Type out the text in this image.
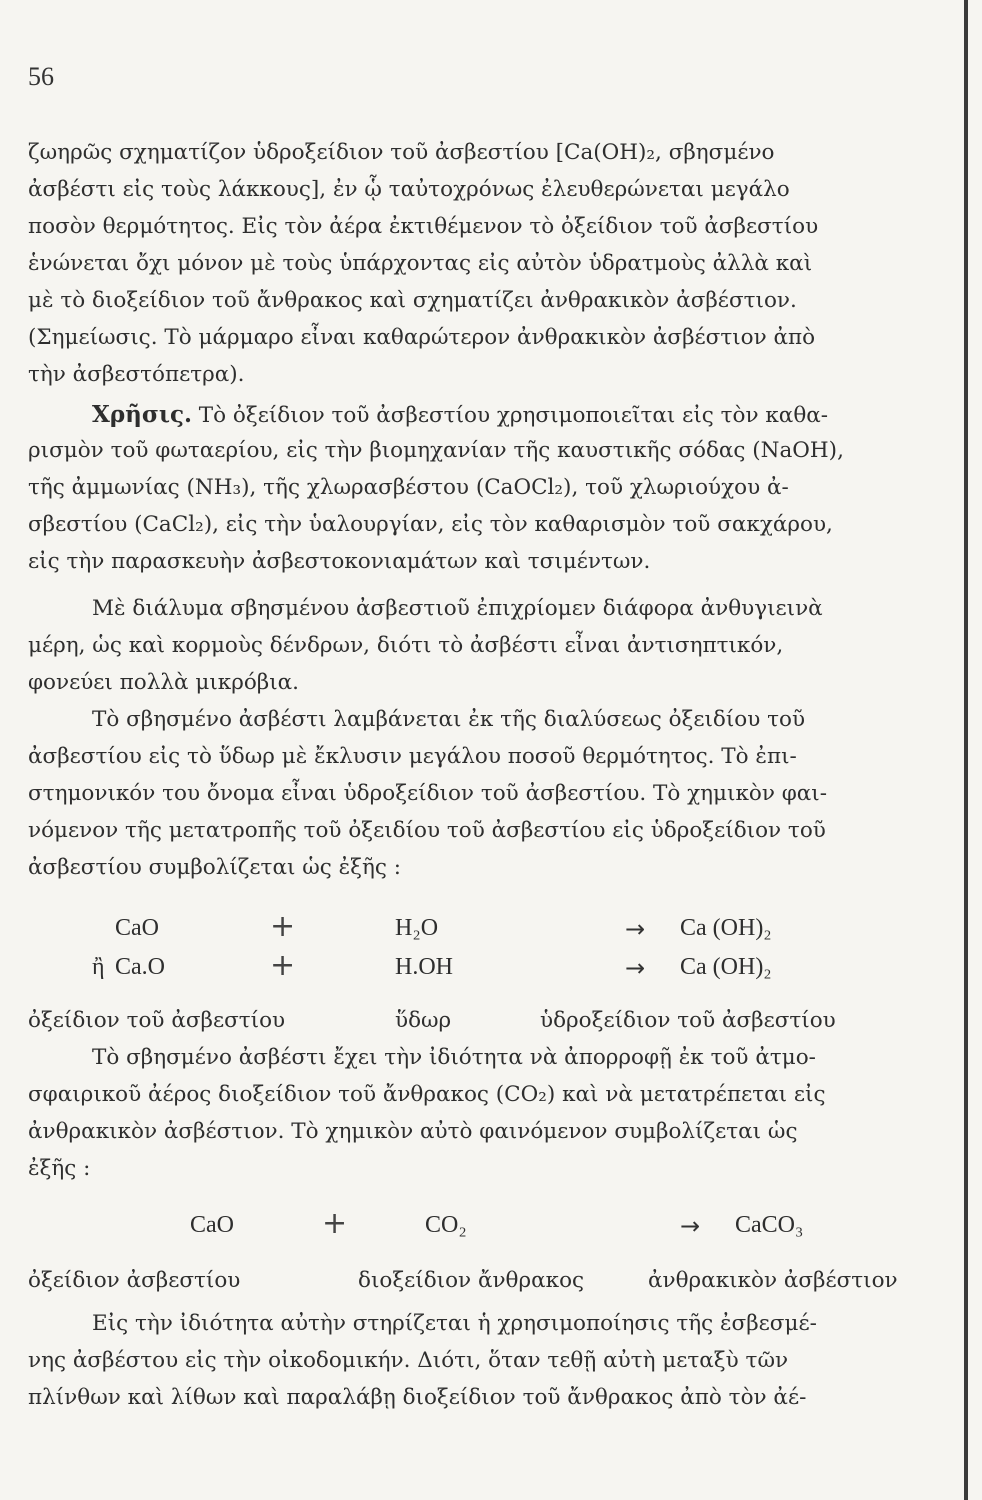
56
ζωηρῶς σχηματίζον ὑδροξείδιον τοῦ ἀσβεστίου [Ca(OH)₂, σβησμένο
ἀσβέστι εἰς τοὺς λάκκους], ἐν ᾧ ταὐτοχρόνως ἐλευθερώνεται μεγάλο
ποσὸν θερμότητος. Εἰς τὸν ἀέρα ἐκτιθέμενον τὸ ὀξείδιον τοῦ ἀσβεστίου
ἑνώνεται ὄχι μόνον μὲ τοὺς ὑπάρχοντας εἰς αὐτὸν ὑδρατμοὺς ἀλλὰ καὶ
μὲ τὸ διοξείδιον τοῦ ἄνθρακος καὶ σχηματίζει ἀνθρακικὸν ἀσβέστιον.
(Σημείωσις. Τὸ μάρμαρο εἶναι καθαρώτερον ἀνθρακικὸν ἀσβέστιον ἀπὸ
τὴν ἀσβεστόπετρα).
Χρῆσις. Τὸ ὀξείδιον τοῦ ἀσβεστίου χρησιμοποιεῖται εἰς τὸν καθα-
ρισμὸν τοῦ φωταερίου, εἰς τὴν βιομηχανίαν τῆς καυστικῆς σόδας (NaOH),
τῆς ἀμμωνίας (NH₃), τῆς χλωρασβέστου (CaOCl₂), τοῦ χλωριούχου ἀ-
σβεστίου (CaCl₂), εἰς τὴν ὑαλουργίαν, εἰς τὸν καθαρισμὸν τοῦ σακχάρου,
εἰς τὴν παρασκευὴν ἀσβεστοκονιαμάτων καὶ τσιμέντων.
Μὲ διάλυμα σβησμένου ἀσβεστιοῦ ἐπιχρίομεν διάφορα ἀνθυγιεινὰ
μέρη, ὡς καὶ κορμοὺς δένδρων, διότι τὸ ἀσβέστι εἶναι ἀντισηπτικόν,
φονεύει πολλὰ μικρόβια.
Τὸ σβησμένο ἀσβέστι λαμβάνεται ἐκ τῆς διαλύσεως ὀξειδίου τοῦ
ἀσβεστίου εἰς τὸ ὕδωρ μὲ ἔκλυσιν μεγάλου ποσοῦ θερμότητος. Τὸ ἐπι-
στημονικόν του ὄνομα εἶναι ὑδροξείδιον τοῦ ἀσβεστίου. Τὸ χημικὸν φαι-
νόμενον τῆς μετατροπῆς τοῦ ὀξειδίου τοῦ ἀσβεστίου εἰς ὑδροξείδιον τοῦ
ἀσβεστίου συμβολίζεται ὡς ἐξῆς :
CaO	+	H₂O	→ Ca (OH)₂
ἢ Ca.O	+	H.OH	→ Ca (OH)₂
ὀξείδιον τοῦ ἀσβεστίου	ὕδωρ	ὑδροξείδιον τοῦ ἀσβεστίου
Τὸ σβησμένο ἀσβέστι ἔχει τὴν ἰδιότητα νὰ ἀπορροφῇ ἐκ τοῦ ἀτμο-
σφαιρικοῦ ἀέρος διοξείδιον τοῦ ἄνθρακος (CO₂) καὶ νὰ μετατρέπεται εἰς
ἀνθρακικὸν ἀσβέστιον. Τὸ χημικὸν αὐτὸ φαινόμενον συμβολίζεται ὡς
ἐξῆς :
CaO	+	CO₂	→ CaCO₃
ὀξείδιον ἀσβεστίου	διοξείδιον ἄνθρακος	ἀνθρακικὸν ἀσβέστιον
Εἰς τὴν ἰδιότητα αὐτὴν στηρίζεται ἡ χρησιμοποίησις τῆς ἐσβεσμέ-
νης ἀσβέστου εἰς τὴν οἰκοδομικήν. Διότι, ὅταν τεθῇ αὐτὴ μεταξὺ τῶν
πλίνθων καὶ λίθων καὶ παραλάβῃ διοξείδιον τοῦ ἄνθρακος ἀπὸ τὸν ἀέ-
